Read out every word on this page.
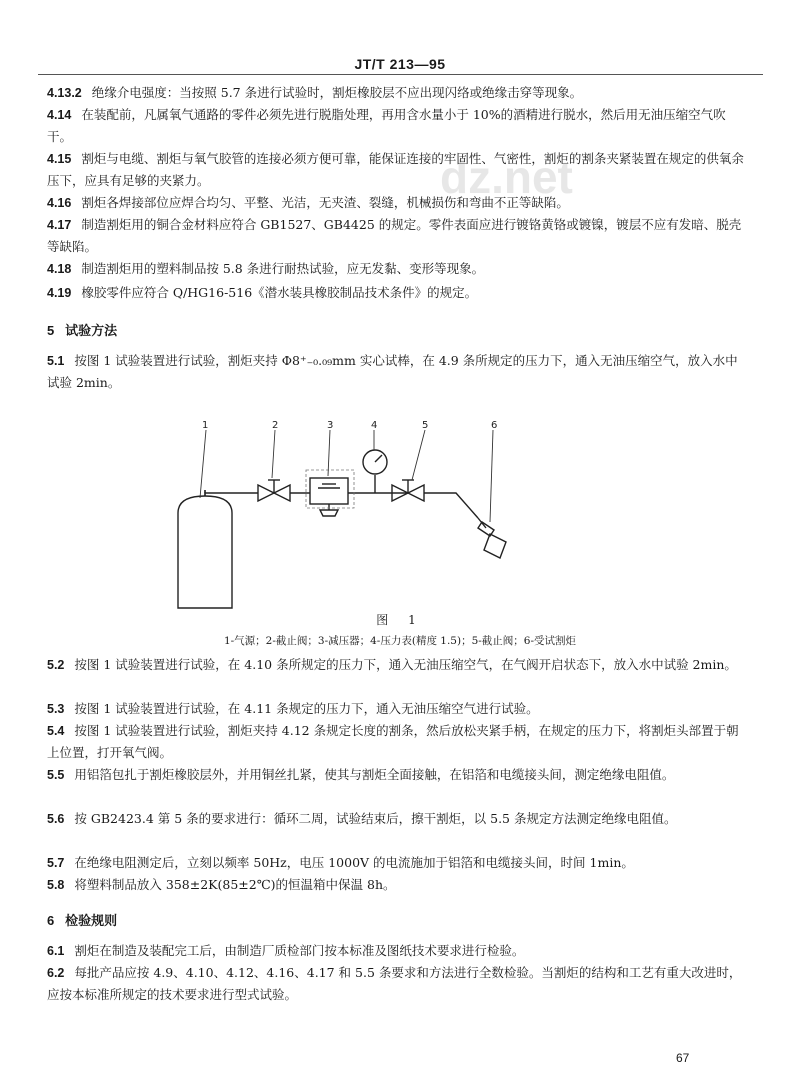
JT/T 213—95
dz.net

4.13.2 绝缘介电强度：当按照 5.7 条进行试验时，割炬橡胶层不应出现闪络或绝缘击穿等现象。

4.14 在装配前，凡属氧气通路的零件必须先进行脱脂处理，再用含水量小于 10%的酒精进行脱水，然后用无油压缩空气吹干。

4.15 割炬与电缆、割炬与氧气胶管的连接必须方便可靠，能保证连接的牢固性、气密性，割炬的割条夹紧装置在规定的供氧余压下，应具有足够的夹紧力。

4.16 割炬各焊接部位应焊合均匀、平整、光洁，无夹渣、裂缝，机械损伤和弯曲不正等缺陷。

4.17 制造割炬用的铜合金材料应符合 GB1527、GB4425 的规定。零件表面应进行镀铬黄铬或镀镍，镀层不应有发暗、脱壳等缺陷。

4.18 制造割炬用的塑料制品按 5.8 条进行耐热试验，应无发黏、变形等现象。

4.19 橡胶零件应符合 Q/HG16-516《潜水装具橡胶制品技术条件》的规定。

5 试验方法

5.1 按图 1 试验装置进行试验，割炬夹持 Φ8⁺₋₀.₀₉mm 实心试棒，在 4.9 条所规定的压力下，通入无油压缩空气，放入水中试验 2min。

1	2	3	4	5	6
图 1
1-气源；2-截止阀；3-减压器；4-压力表(精度 1.5)；5-截止阀；6-受试割炬

5.2 按图 1 试验装置进行试验，在 4.10 条所规定的压力下，通入无油压缩空气，在气阀开启状态下，放入水中试验 2min。

5.3 按图 1 试验装置进行试验，在 4.11 条规定的压力下，通入无油压缩空气进行试验。

5.4 按图 1 试验装置进行试验，割炬夹持 4.12 条规定长度的割条，然后放松夹紧手柄，在规定的压力下，将割炬头部置于朝上位置，打开氧气阀。

5.5 用铝箔包扎于割炬橡胶层外，并用铜丝扎紧，使其与割炬全面接触，在铝箔和电缆接头间，测定绝缘电阻值。

5.6 按 GB2423.4 第 5 条的要求进行：循环二周，试验结束后，擦干割炬，以 5.5 条规定方法测定绝缘电阻值。

5.7 在绝缘电阻测定后，立刻以频率 50Hz，电压 1000V 的电流施加于铝箔和电缆接头间，时间 1min。

5.8 将塑料制品放入 358±2K(85±2℃)的恒温箱中保温 8h。

6 检验规则

6.1 割炬在制造及装配完工后，由制造厂质检部门按本标准及图纸技术要求进行检验。

6.2 每批产品应按 4.9、4.10、4.12、4.16、4.17 和 5.5 条要求和方法进行全数检验。当割炬的结构和工艺有重大改进时，应按本标准所规定的技术要求进行型式试验。

67
